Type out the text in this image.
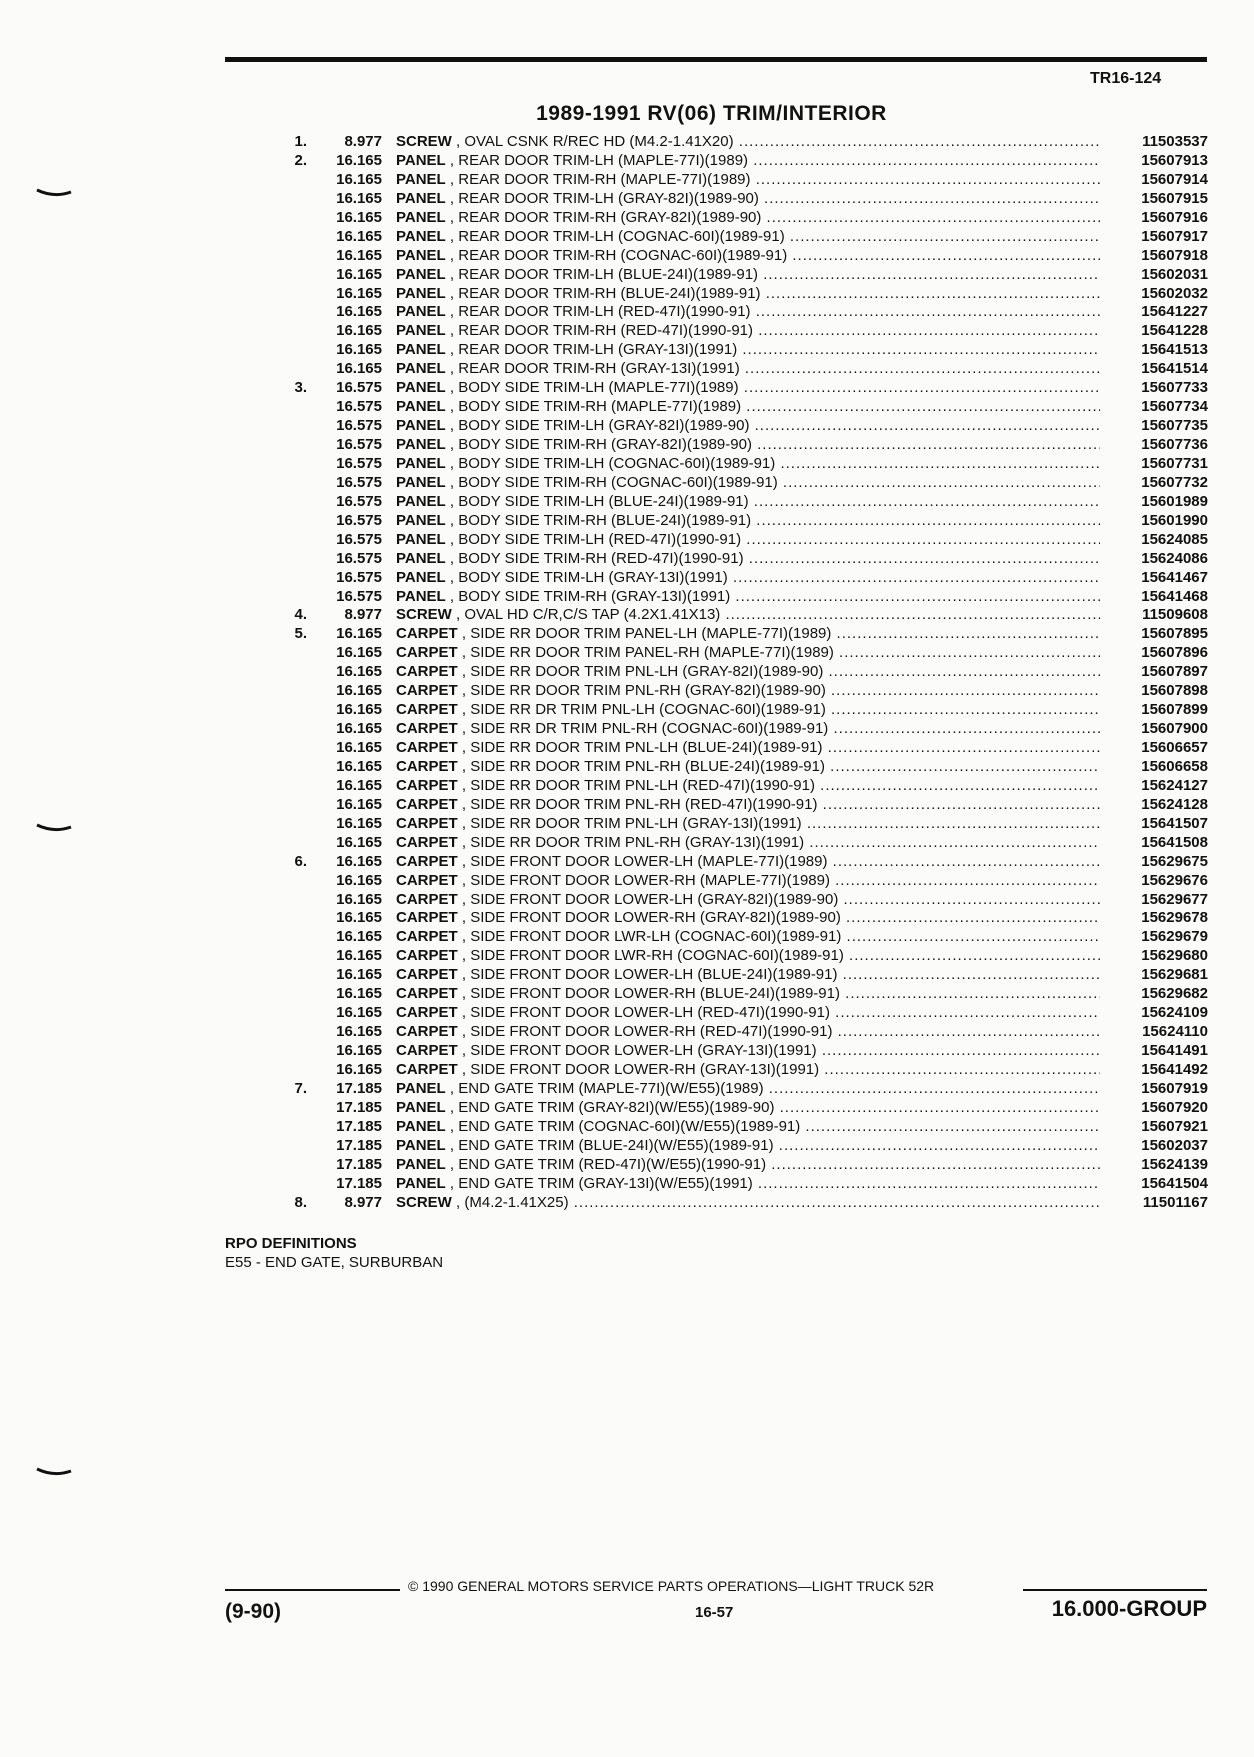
TR16-124
1989-1991 RV(06) TRIM/INTERIOR
1.	8.977 SCREW , OVAL CSNK R/REC HD (M4.2-1.41X20) .....	11503537
2.	16.165 PANEL , REAR DOOR TRIM-LH (MAPLE-77I)(1989) .....	15607913
16.165 PANEL , REAR DOOR TRIM-RH (MAPLE-77I)(1989) .....	15607914
16.165 PANEL , REAR DOOR TRIM-LH (GRAY-82I)(1989-90) .....	15607915
16.165 PANEL , REAR DOOR TRIM-RH (GRAY-82I)(1989-90) .....	15607916
16.165 PANEL , REAR DOOR TRIM-LH (COGNAC-60I)(1989-91) .....	15607917
16.165 PANEL , REAR DOOR TRIM-RH (COGNAC-60I)(1989-91) .....	15607918
16.165 PANEL , REAR DOOR TRIM-LH (BLUE-24I)(1989-91) .....	15602031
16.165 PANEL , REAR DOOR TRIM-RH (BLUE-24I)(1989-91) .....	15602032
16.165 PANEL , REAR DOOR TRIM-LH (RED-47I)(1990-91) .....	15641227
16.165 PANEL , REAR DOOR TRIM-RH (RED-47I)(1990-91) .....	15641228
16.165 PANEL , REAR DOOR TRIM-LH (GRAY-13I)(1991) .....	15641513
16.165 PANEL , REAR DOOR TRIM-RH (GRAY-13I)(1991) .....	15641514
3.	16.575 PANEL , BODY SIDE TRIM-LH (MAPLE-77I)(1989) .....	15607733
16.575 PANEL , BODY SIDE TRIM-RH (MAPLE-77I)(1989) .....	15607734
16.575 PANEL , BODY SIDE TRIM-LH (GRAY-82I)(1989-90) .....	15607735
16.575 PANEL , BODY SIDE TRIM-RH (GRAY-82I)(1989-90) .....	15607736
16.575 PANEL , BODY SIDE TRIM-LH (COGNAC-60I)(1989-91) .....	15607731
16.575 PANEL , BODY SIDE TRIM-RH (COGNAC-60I)(1989-91) .....	15607732
16.575 PANEL , BODY SIDE TRIM-LH (BLUE-24I)(1989-91) .....	15601989
16.575 PANEL , BODY SIDE TRIM-RH (BLUE-24I)(1989-91) .....	15601990
16.575 PANEL , BODY SIDE TRIM-LH (RED-47I)(1990-91) .....	15624085
16.575 PANEL , BODY SIDE TRIM-RH (RED-47I)(1990-91) .....	15624086
16.575 PANEL , BODY SIDE TRIM-LH (GRAY-13I)(1991) .....	15641467
16.575 PANEL , BODY SIDE TRIM-RH (GRAY-13I)(1991) .....	15641468
4.	8.977 SCREW , OVAL HD C/R,C/S TAP (4.2X1.41X13) .....	11509608
5.	16.165 CARPET , SIDE RR DOOR TRIM PANEL-LH (MAPLE-77I)(1989) .....	15607895
16.165 CARPET , SIDE RR DOOR TRIM PANEL-RH (MAPLE-77I)(1989) .....	15607896
16.165 CARPET , SIDE RR DOOR TRIM PNL-LH (GRAY-82I)(1989-90) .....	15607897
16.165 CARPET , SIDE RR DOOR TRIM PNL-RH (GRAY-82I)(1989-90) .....	15607898
16.165 CARPET , SIDE RR DR TRIM PNL-LH (COGNAC-60I)(1989-91) .....	15607899
16.165 CARPET , SIDE RR DR TRIM PNL-RH (COGNAC-60I)(1989-91) .....	15607900
16.165 CARPET , SIDE RR DOOR TRIM PNL-LH (BLUE-24I)(1989-91) .....	15606657
16.165 CARPET , SIDE RR DOOR TRIM PNL-RH (BLUE-24I)(1989-91) .....	15606658
16.165 CARPET , SIDE RR DOOR TRIM PNL-LH (RED-47I)(1990-91) .....	15624127
16.165 CARPET , SIDE RR DOOR TRIM PNL-RH (RED-47I)(1990-91) .....	15624128
16.165 CARPET , SIDE RR DOOR TRIM PNL-LH (GRAY-13I)(1991) .....	15641507
16.165 CARPET , SIDE RR DOOR TRIM PNL-RH (GRAY-13I)(1991) .....	15641508
6.	16.165 CARPET , SIDE FRONT DOOR LOWER-LH (MAPLE-77I)(1989) .....	15629675
16.165 CARPET , SIDE FRONT DOOR LOWER-RH (MAPLE-77I)(1989) .....	15629676
16.165 CARPET , SIDE FRONT DOOR LOWER-LH (GRAY-82I)(1989-90) .....	15629677
16.165 CARPET , SIDE FRONT DOOR LOWER-RH (GRAY-82I)(1989-90) .....	15629678
16.165 CARPET , SIDE FRONT DOOR LWR-LH (COGNAC-60I)(1989-91) .....	15629679
16.165 CARPET , SIDE FRONT DOOR LWR-RH (COGNAC-60I)(1989-91) .....	15629680
16.165 CARPET , SIDE FRONT DOOR LOWER-LH (BLUE-24I)(1989-91) .....	15629681
16.165 CARPET , SIDE FRONT DOOR LOWER-RH (BLUE-24I)(1989-91) .....	15629682
16.165 CARPET , SIDE FRONT DOOR LOWER-LH (RED-47I)(1990-91) .....	15624109
16.165 CARPET , SIDE FRONT DOOR LOWER-RH (RED-47I)(1990-91) .....	15624110
16.165 CARPET , SIDE FRONT DOOR LOWER-LH (GRAY-13I)(1991) .....	15641491
16.165 CARPET , SIDE FRONT DOOR LOWER-RH (GRAY-13I)(1991) .....	15641492
7.	17.185 PANEL , END GATE TRIM (MAPLE-77I)(W/E55)(1989) .....	15607919
17.185 PANEL , END GATE TRIM (GRAY-82I)(W/E55)(1989-90) .....	15607920
17.185 PANEL , END GATE TRIM (COGNAC-60I)(W/E55)(1989-91) .....	15607921
17.185 PANEL , END GATE TRIM (BLUE-24I)(W/E55)(1989-91) .....	15602037
17.185 PANEL , END GATE TRIM (RED-47I)(W/E55)(1990-91) .....	15624139
17.185 PANEL , END GATE TRIM (GRAY-13I)(W/E55)(1991) .....	15641504
8.	8.977 SCREW , (M4.2-1.41X25) .....	11501167
RPO DEFINITIONS
E55 - END GATE, SURBURBAN
© 1990 GENERAL MOTORS SERVICE PARTS OPERATIONS—LIGHT TRUCK 52R
(9-90)	16-57	16.000-GROUP
